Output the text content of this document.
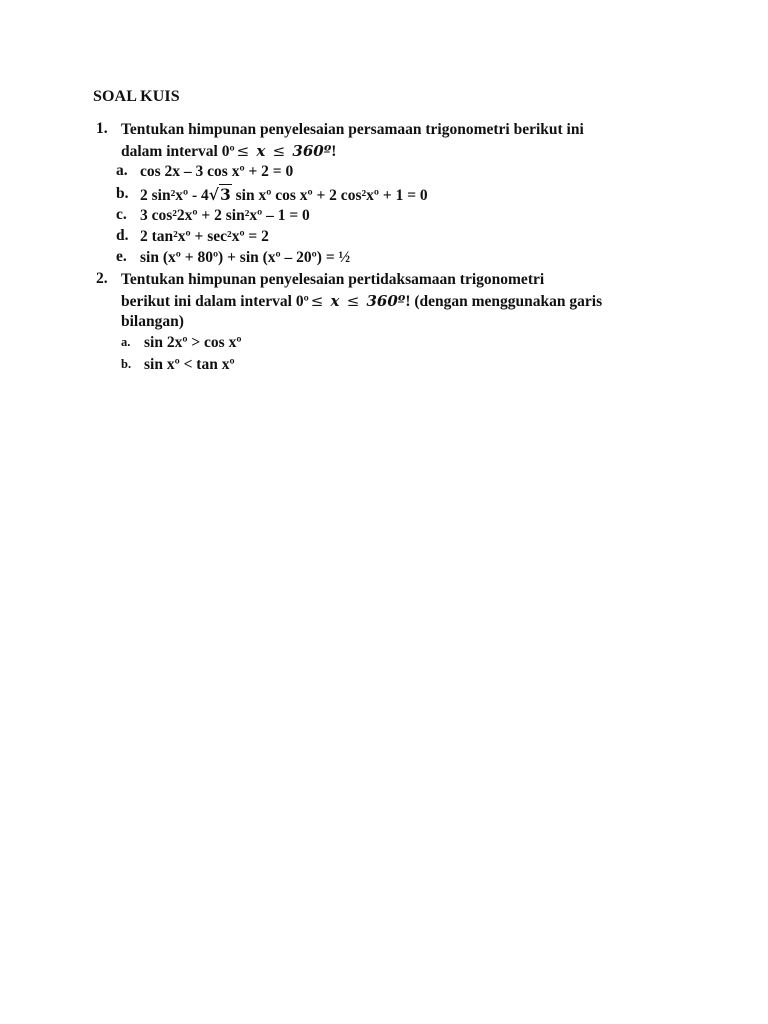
SOAL KUIS
1. Tentukan himpunan penyelesaian persamaan trigonometri berikut ini
dalam interval 0º ≤ x ≤ 360º!
a. cos 2x – 3 cos xº + 2 = 0
b. 2 sin²xº - 4√3 sin xº cos xº + 2 cos²xº + 1 = 0
c. 3 cos²2xº + 2 sin²xº – 1 = 0
d. 2 tan²xº + sec²xº = 2
e. sin (xº + 80º) + sin (xº – 20º) = ½
2. Tentukan himpunan penyelesaian pertidaksamaan trigonometri
berikut ini dalam interval 0º ≤ x ≤ 360º! (dengan menggunakan garis
bilangan)
a. sin 2xº > cos xº
b. sin xº < tan xº
